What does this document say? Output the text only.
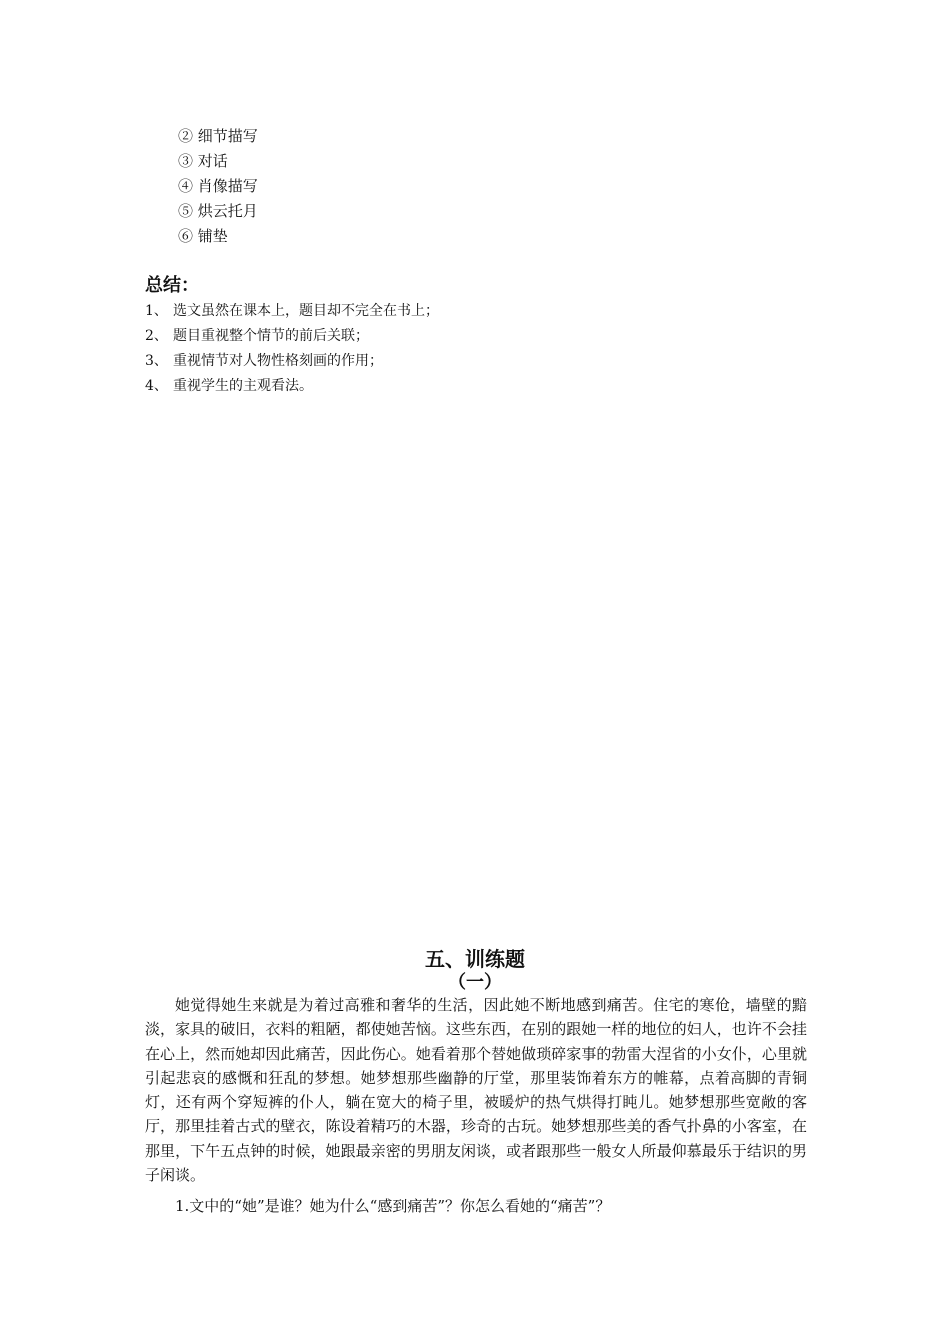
② 细节描写
③ 对话
④ 肖像描写
⑤ 烘云托月
⑥ 铺垫
总结：
1、 选文虽然在课本上，题目却不完全在书上；
2、 题目重视整个情节的前后关联；
3、 重视情节对人物性格刻画的作用；
4、 重视学生的主观看法。
五、训练题
（一）

她觉得她生来就是为着过高雅和奢华的生活，因此她不断地感到痛苦。住宅的寒伧，墙壁的黯淡，家具的破旧，衣料的粗陋，都使她苦恼。这些东西，在别的跟她一样的地位的妇人，也许不会挂在心上，然而她却因此痛苦，因此伤心。她看着那个替她做琐碎家事的勃雷大涅省的小女仆，心里就引起悲哀的感慨和狂乱的梦想。她梦想那些幽静的厅堂，那里装饰着东方的帷幕，点着高脚的青铜灯，还有两个穿短裤的仆人，躺在宽大的椅子里，被暖炉的热气烘得打盹儿。她梦想那些宽敞的客厅，那里挂着古式的壁衣，陈设着精巧的木器，珍奇的古玩。她梦想那些美的香气扑鼻的小客室，在那里，下午五点钟的时候，她跟最亲密的男朋友闲谈，或者跟那些一般女人所最仰慕最乐于结识的男子闲谈。

1.文中的“她”是谁？她为什么“感到痛苦”？你怎么看她的“痛苦”？
